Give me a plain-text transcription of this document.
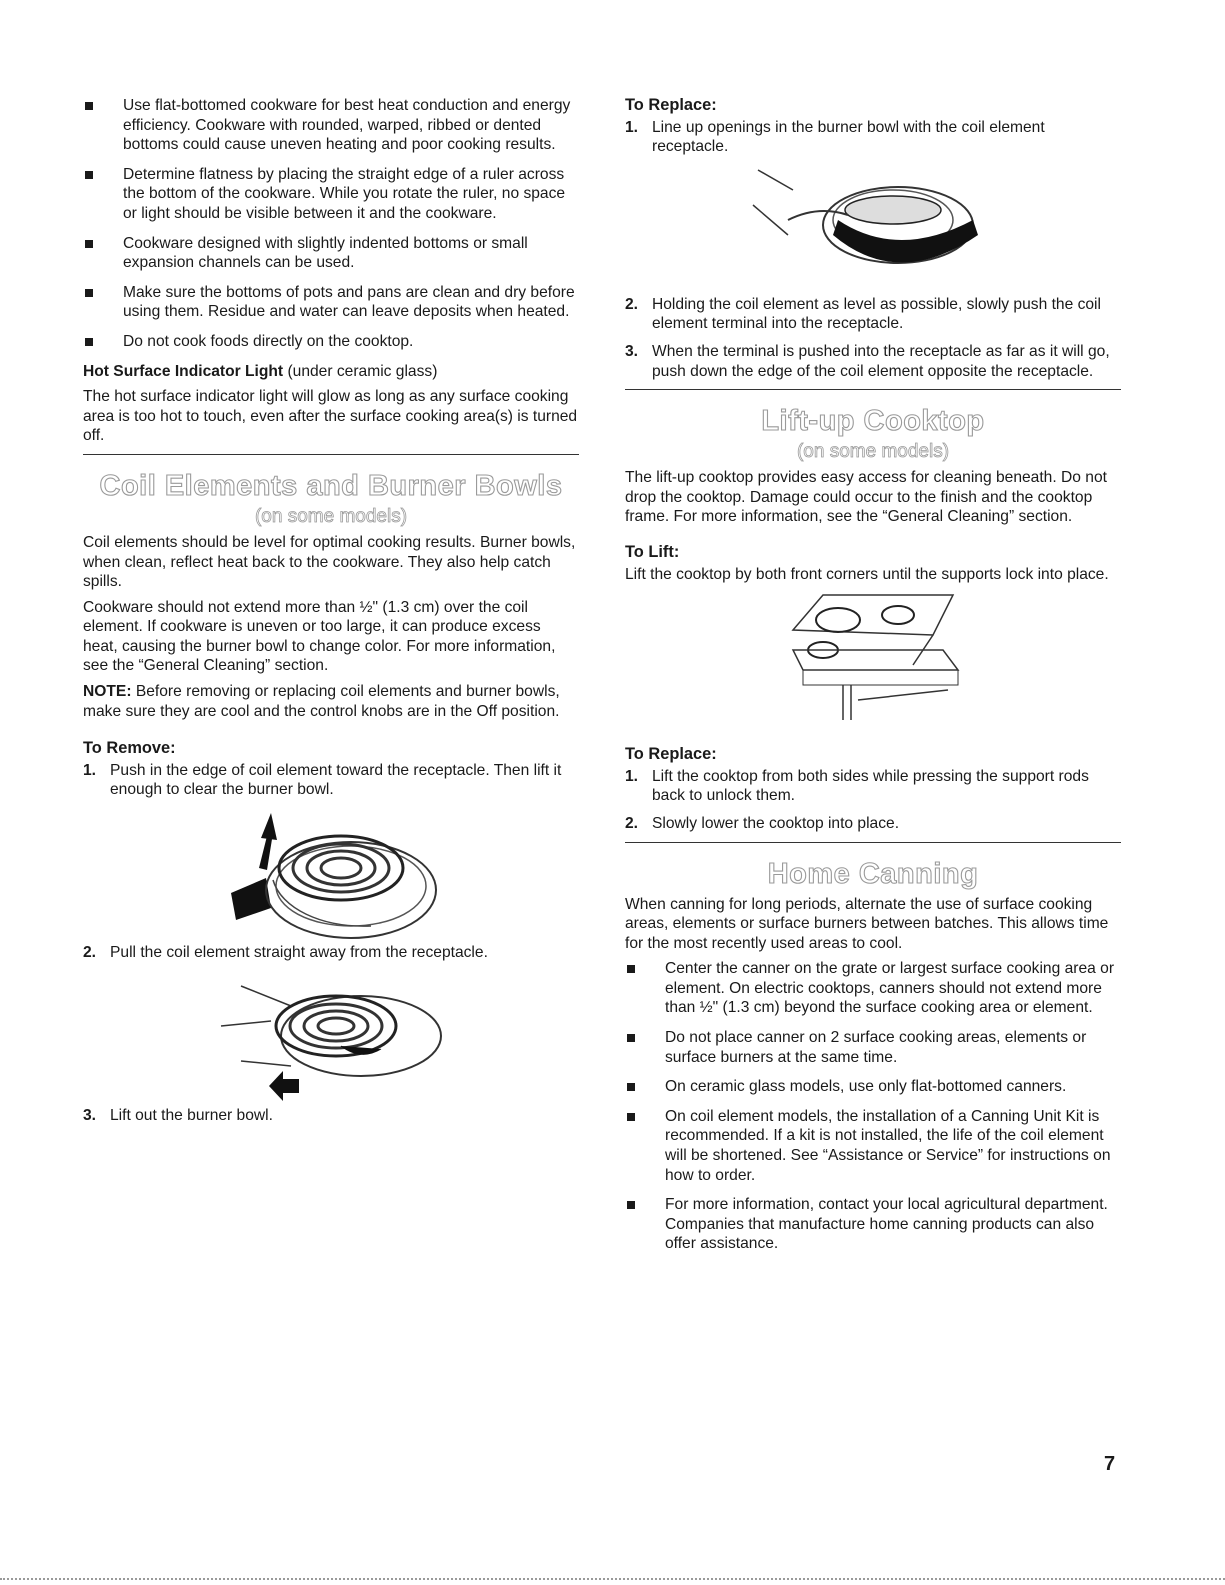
Use flat-bottomed cookware for best heat conduction and energy efficiency. Cookware with rounded, warped, ribbed or dented bottoms could cause uneven heating and poor cooking results.
Determine flatness by placing the straight edge of a ruler across the bottom of the cookware. While you rotate the ruler, no space or light should be visible between it and the cookware.
Cookware designed with slightly indented bottoms or small expansion channels can be used.
Make sure the bottoms of pots and pans are clean and dry before using them. Residue and water can leave deposits when heated.
Do not cook foods directly on the cooktop.

Hot Surface Indicator Light (under ceramic glass)

The hot surface indicator light will glow as long as any surface cooking area is too hot to touch, even after the surface cooking area(s) is turned off.

Coil Elements and Burner Bowls
(on some models)

Coil elements should be level for optimal cooking results. Burner bowls, when clean, reflect heat back to the cookware. They also help catch spills.

Cookware should not extend more than ½" (1.3 cm) over the coil element. If cookware is uneven or too large, it can produce excess heat, causing the burner bowl to change color. For more information, see the “General Cleaning” section.

NOTE: Before removing or replacing coil elements and burner bowls, make sure they are cool and the control knobs are in the Off position.

To Remove:
1. Push in the edge of coil element toward the receptacle. Then lift it enough to clear the burner bowl.
2. Pull the coil element straight away from the receptacle.
3. Lift out the burner bowl.
To Replace:
1. Line up openings in the burner bowl with the coil element receptacle.
2. Holding the coil element as level as possible, slowly push the coil element terminal into the receptacle.
3. When the terminal is pushed into the receptacle as far as it will go, push down the edge of the coil element opposite the receptacle.
Lift-up Cooktop
(on some models)

The lift-up cooktop provides easy access for cleaning beneath. Do not drop the cooktop. Damage could occur to the finish and the cooktop frame. For more information, see the “General Cleaning” section.

To Lift:

Lift the cooktop by both front corners until the supports lock into place.

To Replace:
1. Lift the cooktop from both sides while pressing the support rods back to unlock them.
2. Slowly lower the cooktop into place.
Home Canning

When canning for long periods, alternate the use of surface cooking areas, elements or surface burners between batches. This allows time for the most recently used areas to cool.

Center the canner on the grate or largest surface cooking area or element. On electric cooktops, canners should not extend more than ½" (1.3 cm) beyond the surface cooking area or element.
Do not place canner on 2 surface cooking areas, elements or surface burners at the same time.
On ceramic glass models, use only flat-bottomed canners.
On coil element models, the installation of a Canning Unit Kit is recommended. If a kit is not installed, the life of the coil element will be shortened. See “Assistance or Service” for instructions on how to order.
For more information, contact your local agricultural department. Companies that manufacture home canning products can also offer assistance.
7
